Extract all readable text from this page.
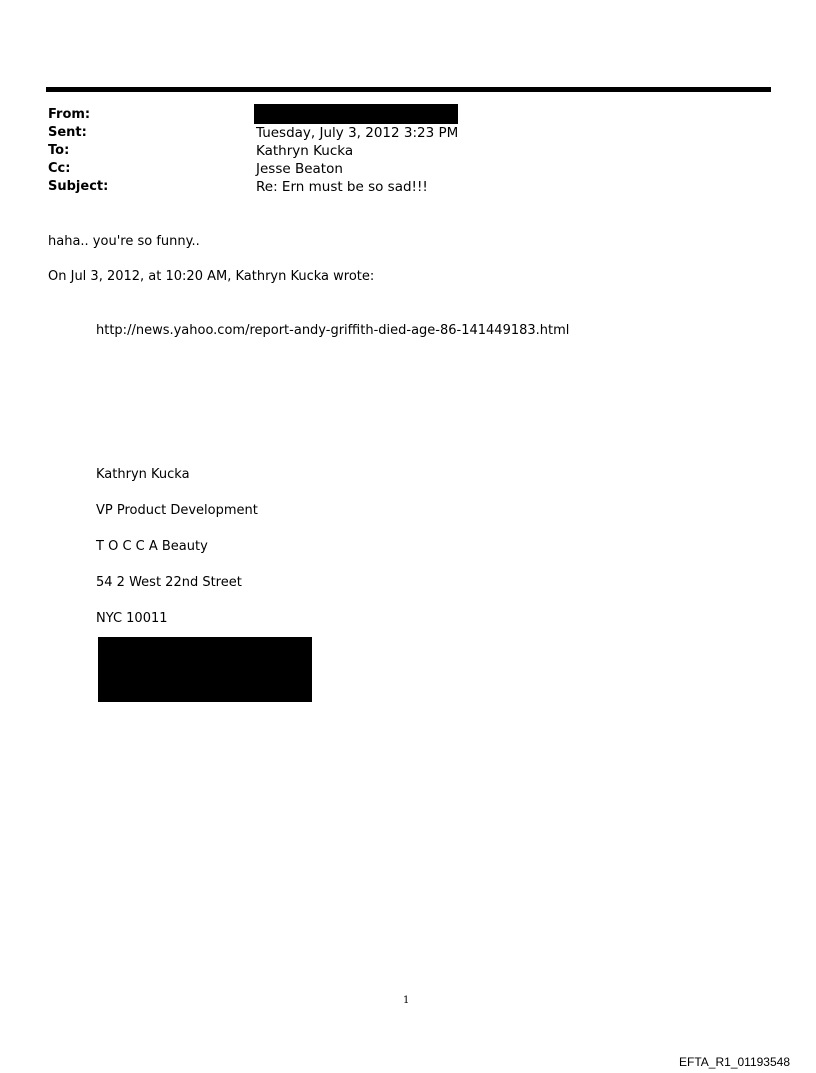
From:
Sent:	Tuesday, July 3, 2012 3:23 PM
To:	Kathryn Kucka
Cc:	Jesse Beaton
Subject:	Re: Ern must be so sad!!!
haha.. you're so funny..
On Jul 3, 2012, at 10:20 AM, Kathryn Kucka wrote:
http://news.yahoo.com/report-andy-griffith-died-age-86-141449183.html
Kathryn Kucka
VP Product Development
T O C C A Beauty
54 2 West 22nd Street
NYC 10011
1
EFTA_R1_01193548
